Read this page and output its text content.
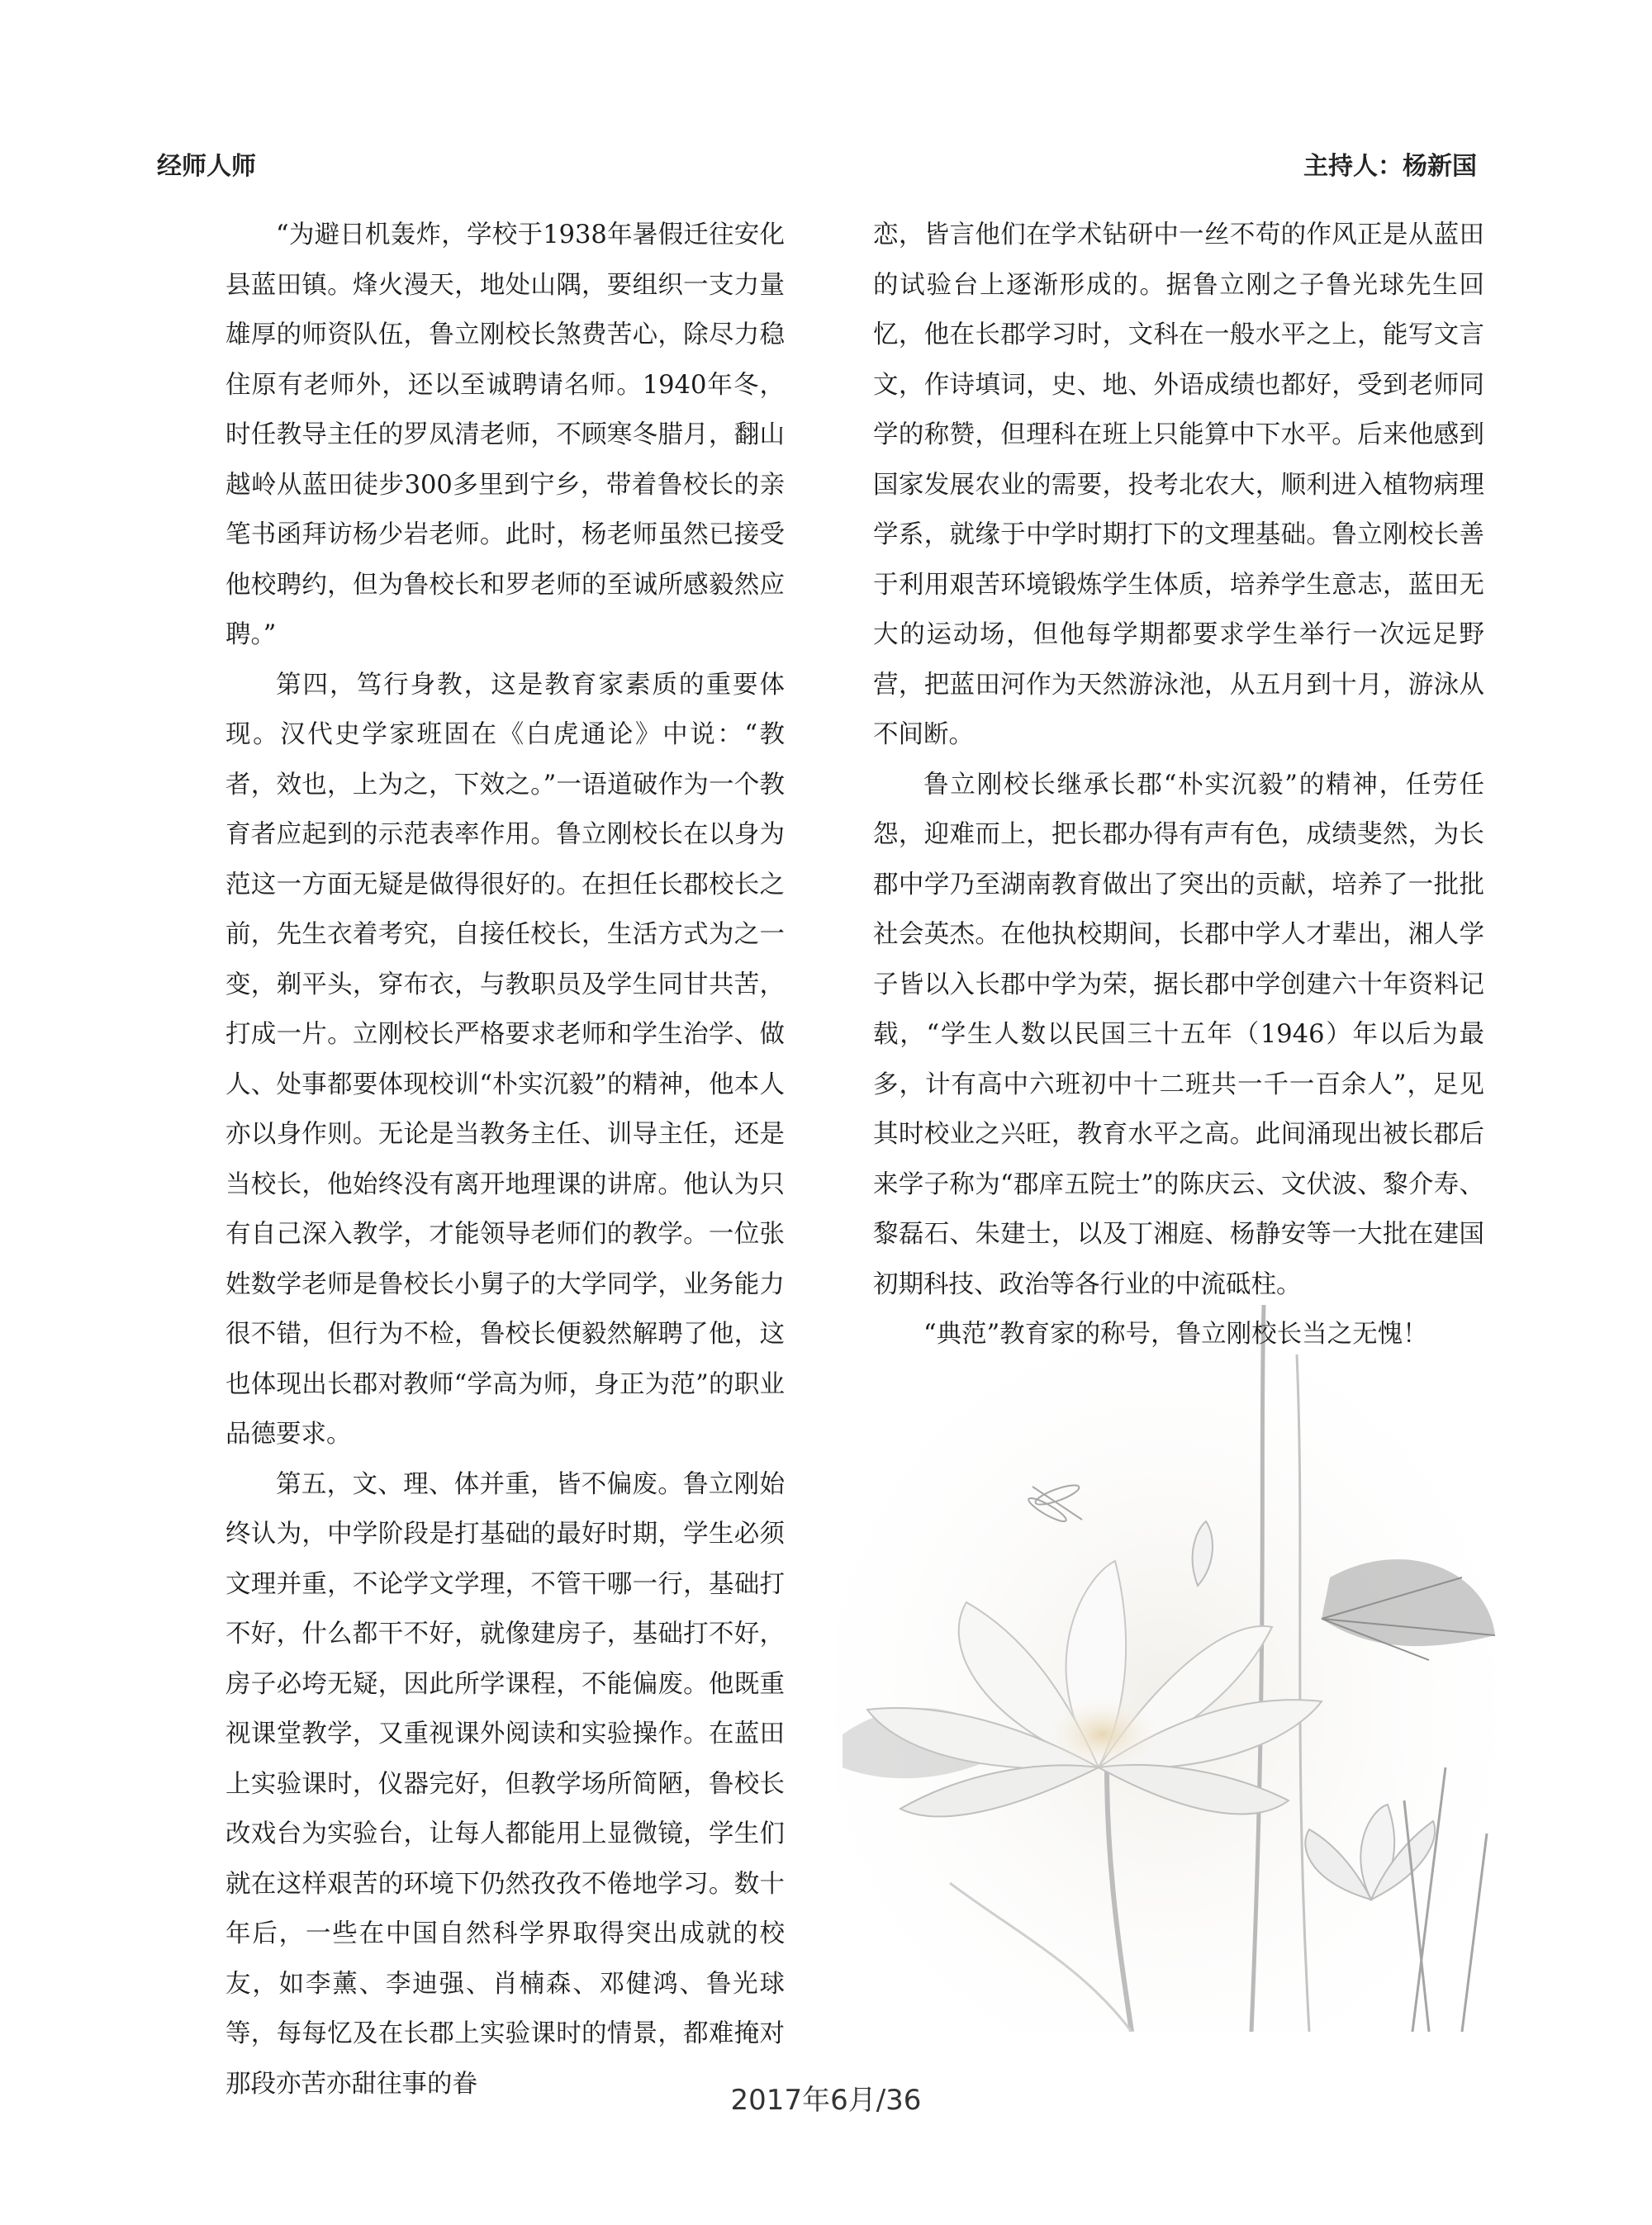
经师人师	主持人：杨新国

“为避日机轰炸，学校于1938年暑假迁往安化县蓝田镇。烽火漫天，地处山隅，要组织一支力量雄厚的师资队伍，鲁立刚校长煞费苦心，除尽力稳住原有老师外，还以至诚聘请名师。1940年冬，时任教导主任的罗凤清老师，不顾寒冬腊月，翻山越岭从蓝田徒步300多里到宁乡，带着鲁校长的亲笔书函拜访杨少岩老师。此时，杨老师虽然已接受他校聘约，但为鲁校长和罗老师的至诚所感毅然应聘。”

第四，笃行身教，这是教育家素质的重要体现。汉代史学家班固在《白虎通论》中说：“教者，效也，上为之，下效之。”一语道破作为一个教育者应起到的示范表率作用。鲁立刚校长在以身为范这一方面无疑是做得很好的。在担任长郡校长之前，先生衣着考究，自接任校长，生活方式为之一变，剃平头，穿布衣，与教职员及学生同甘共苦，打成一片。立刚校长严格要求老师和学生治学、做人、处事都要体现校训“朴实沉毅”的精神，他本人亦以身作则。无论是当教务主任、训导主任，还是当校长，他始终没有离开地理课的讲席。他认为只有自己深入教学，才能领导老师们的教学。一位张姓数学老师是鲁校长小舅子的大学同学，业务能力很不错，但行为不检，鲁校长便毅然解聘了他，这也体现出长郡对教师“学高为师，身正为范”的职业品德要求。

第五，文、理、体并重，皆不偏废。鲁立刚始终认为，中学阶段是打基础的最好时期，学生必须文理并重，不论学文学理，不管干哪一行，基础打不好，什么都干不好，就像建房子，基础打不好，房子必垮无疑，因此所学课程，不能偏废。他既重视课堂教学，又重视课外阅读和实验操作。在蓝田上实验课时，仪器完好，但教学场所简陋，鲁校长改戏台为实验台，让每人都能用上显微镜，学生们就在这样艰苦的环境下仍然孜孜不倦地学习。数十年后，一些在中国自然科学界取得突出成就的校友，如李薰、李迪强、肖楠森、邓健鸿、鲁光球等，每每忆及在长郡上实验课时的情景，都难掩对那段亦苦亦甜往事的眷

恋，皆言他们在学术钻研中一丝不苟的作风正是从蓝田的试验台上逐渐形成的。据鲁立刚之子鲁光球先生回忆，他在长郡学习时，文科在一般水平之上，能写文言文，作诗填词，史、地、外语成绩也都好，受到老师同学的称赞，但理科在班上只能算中下水平。后来他感到国家发展农业的需要，投考北农大，顺利进入植物病理学系，就缘于中学时期打下的文理基础。鲁立刚校长善于利用艰苦环境锻炼学生体质，培养学生意志，蓝田无大的运动场，但他每学期都要求学生举行一次远足野营，把蓝田河作为天然游泳池，从五月到十月，游泳从不间断。

鲁立刚校长继承长郡“朴实沉毅”的精神，任劳任怨，迎难而上，把长郡办得有声有色，成绩斐然，为长郡中学乃至湖南教育做出了突出的贡献，培养了一批批社会英杰。在他执校期间，长郡中学人才辈出，湘人学子皆以入长郡中学为荣，据长郡中学创建六十年资料记载，“学生人数以民国三十五年（1946）年以后为最多，计有高中六班初中十二班共一千一百余人”，足见其时校业之兴旺，教育水平之高。此间涌现出被长郡后来学子称为“郡庠五院士”的陈庆云、文伏波、黎介寿、黎磊石、朱建士，以及丁湘庭、杨静安等一大批在建国初期科技、政治等各行业的中流砥柱。

“典范”教育家的称号，鲁立刚校长当之无愧！

2017年6月/36
